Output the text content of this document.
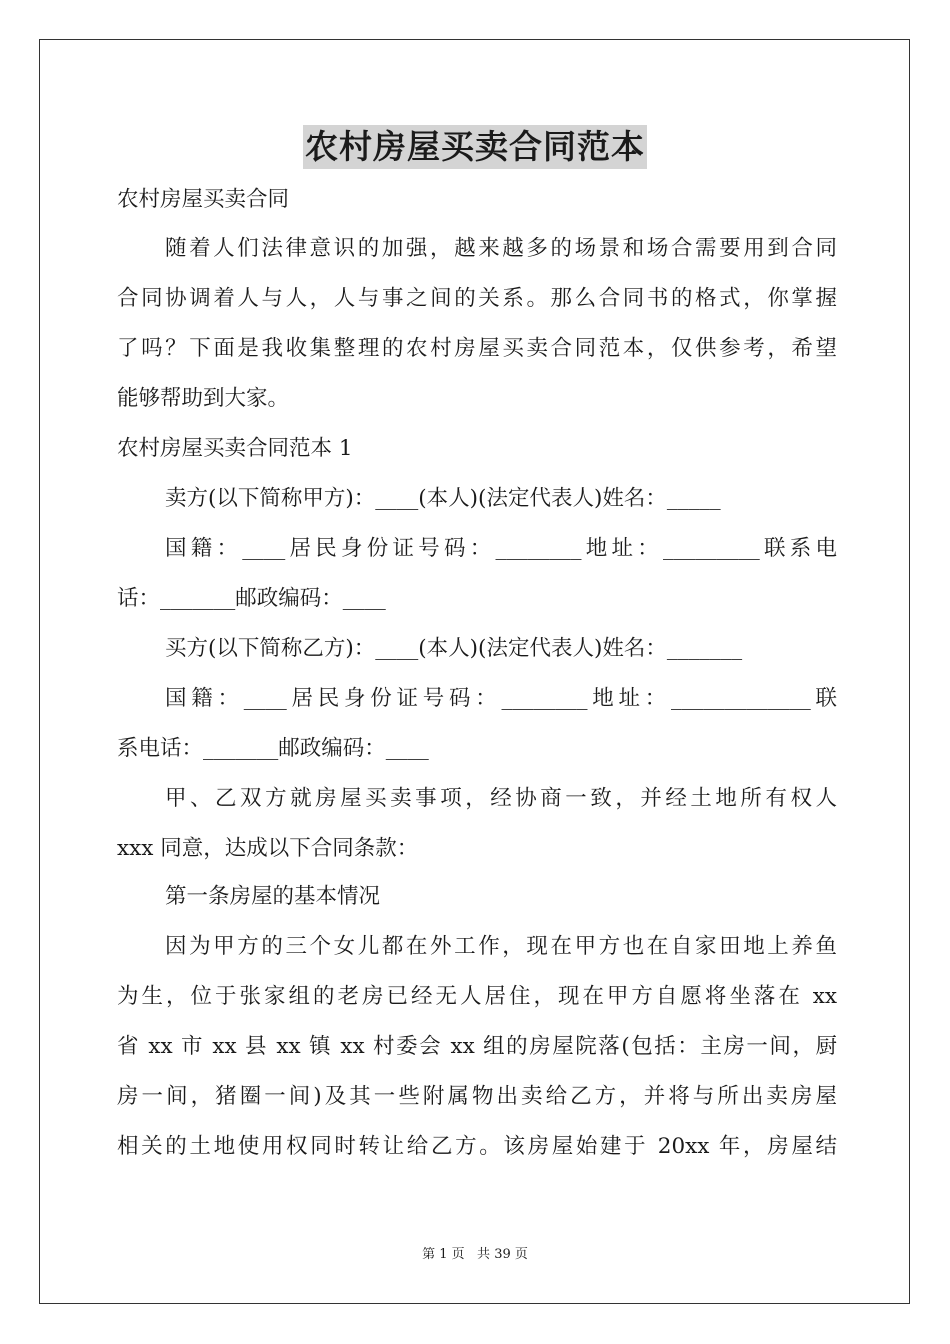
农村房屋买卖合同范本
农村房屋买卖合同
随着人们法律意识的加强，越来越多的场景和场合需要用到合同
合同协调着人与人，人与事之间的关系。那么合同书的格式，你掌握
了吗？下面是我收集整理的农村房屋买卖合同范本，仅供参考，希望
能够帮助到大家。
农村房屋买卖合同范本 1
卖方(以下简称甲方)：____(本人)(法定代表人)姓名：_____
国籍：____居民身份证号码：________地址：_________联系电
话：_______邮政编码：____
买方(以下简称乙方)：____(本人)(法定代表人)姓名：_______
国籍：____居民身份证号码：________地址：_____________联
系电话：_______邮政编码：____
甲、乙双方就房屋买卖事项，经协商一致，并经土地所有权人
xxx 同意，达成以下合同条款：
第一条房屋的基本情况
因为甲方的三个女儿都在外工作，现在甲方也在自家田地上养鱼
为生，位于张家组的老房已经无人居住，现在甲方自愿将坐落在 xx
省 xx 市 xx 县 xx 镇 xx 村委会 xx 组的房屋院落(包括：主房一间，厨
房一间，猪圈一间)及其一些附属物出卖给乙方，并将与所出卖房屋
相关的土地使用权同时转让给乙方。该房屋始建于 20xx 年，房屋结
第 1 页   共 39 页
